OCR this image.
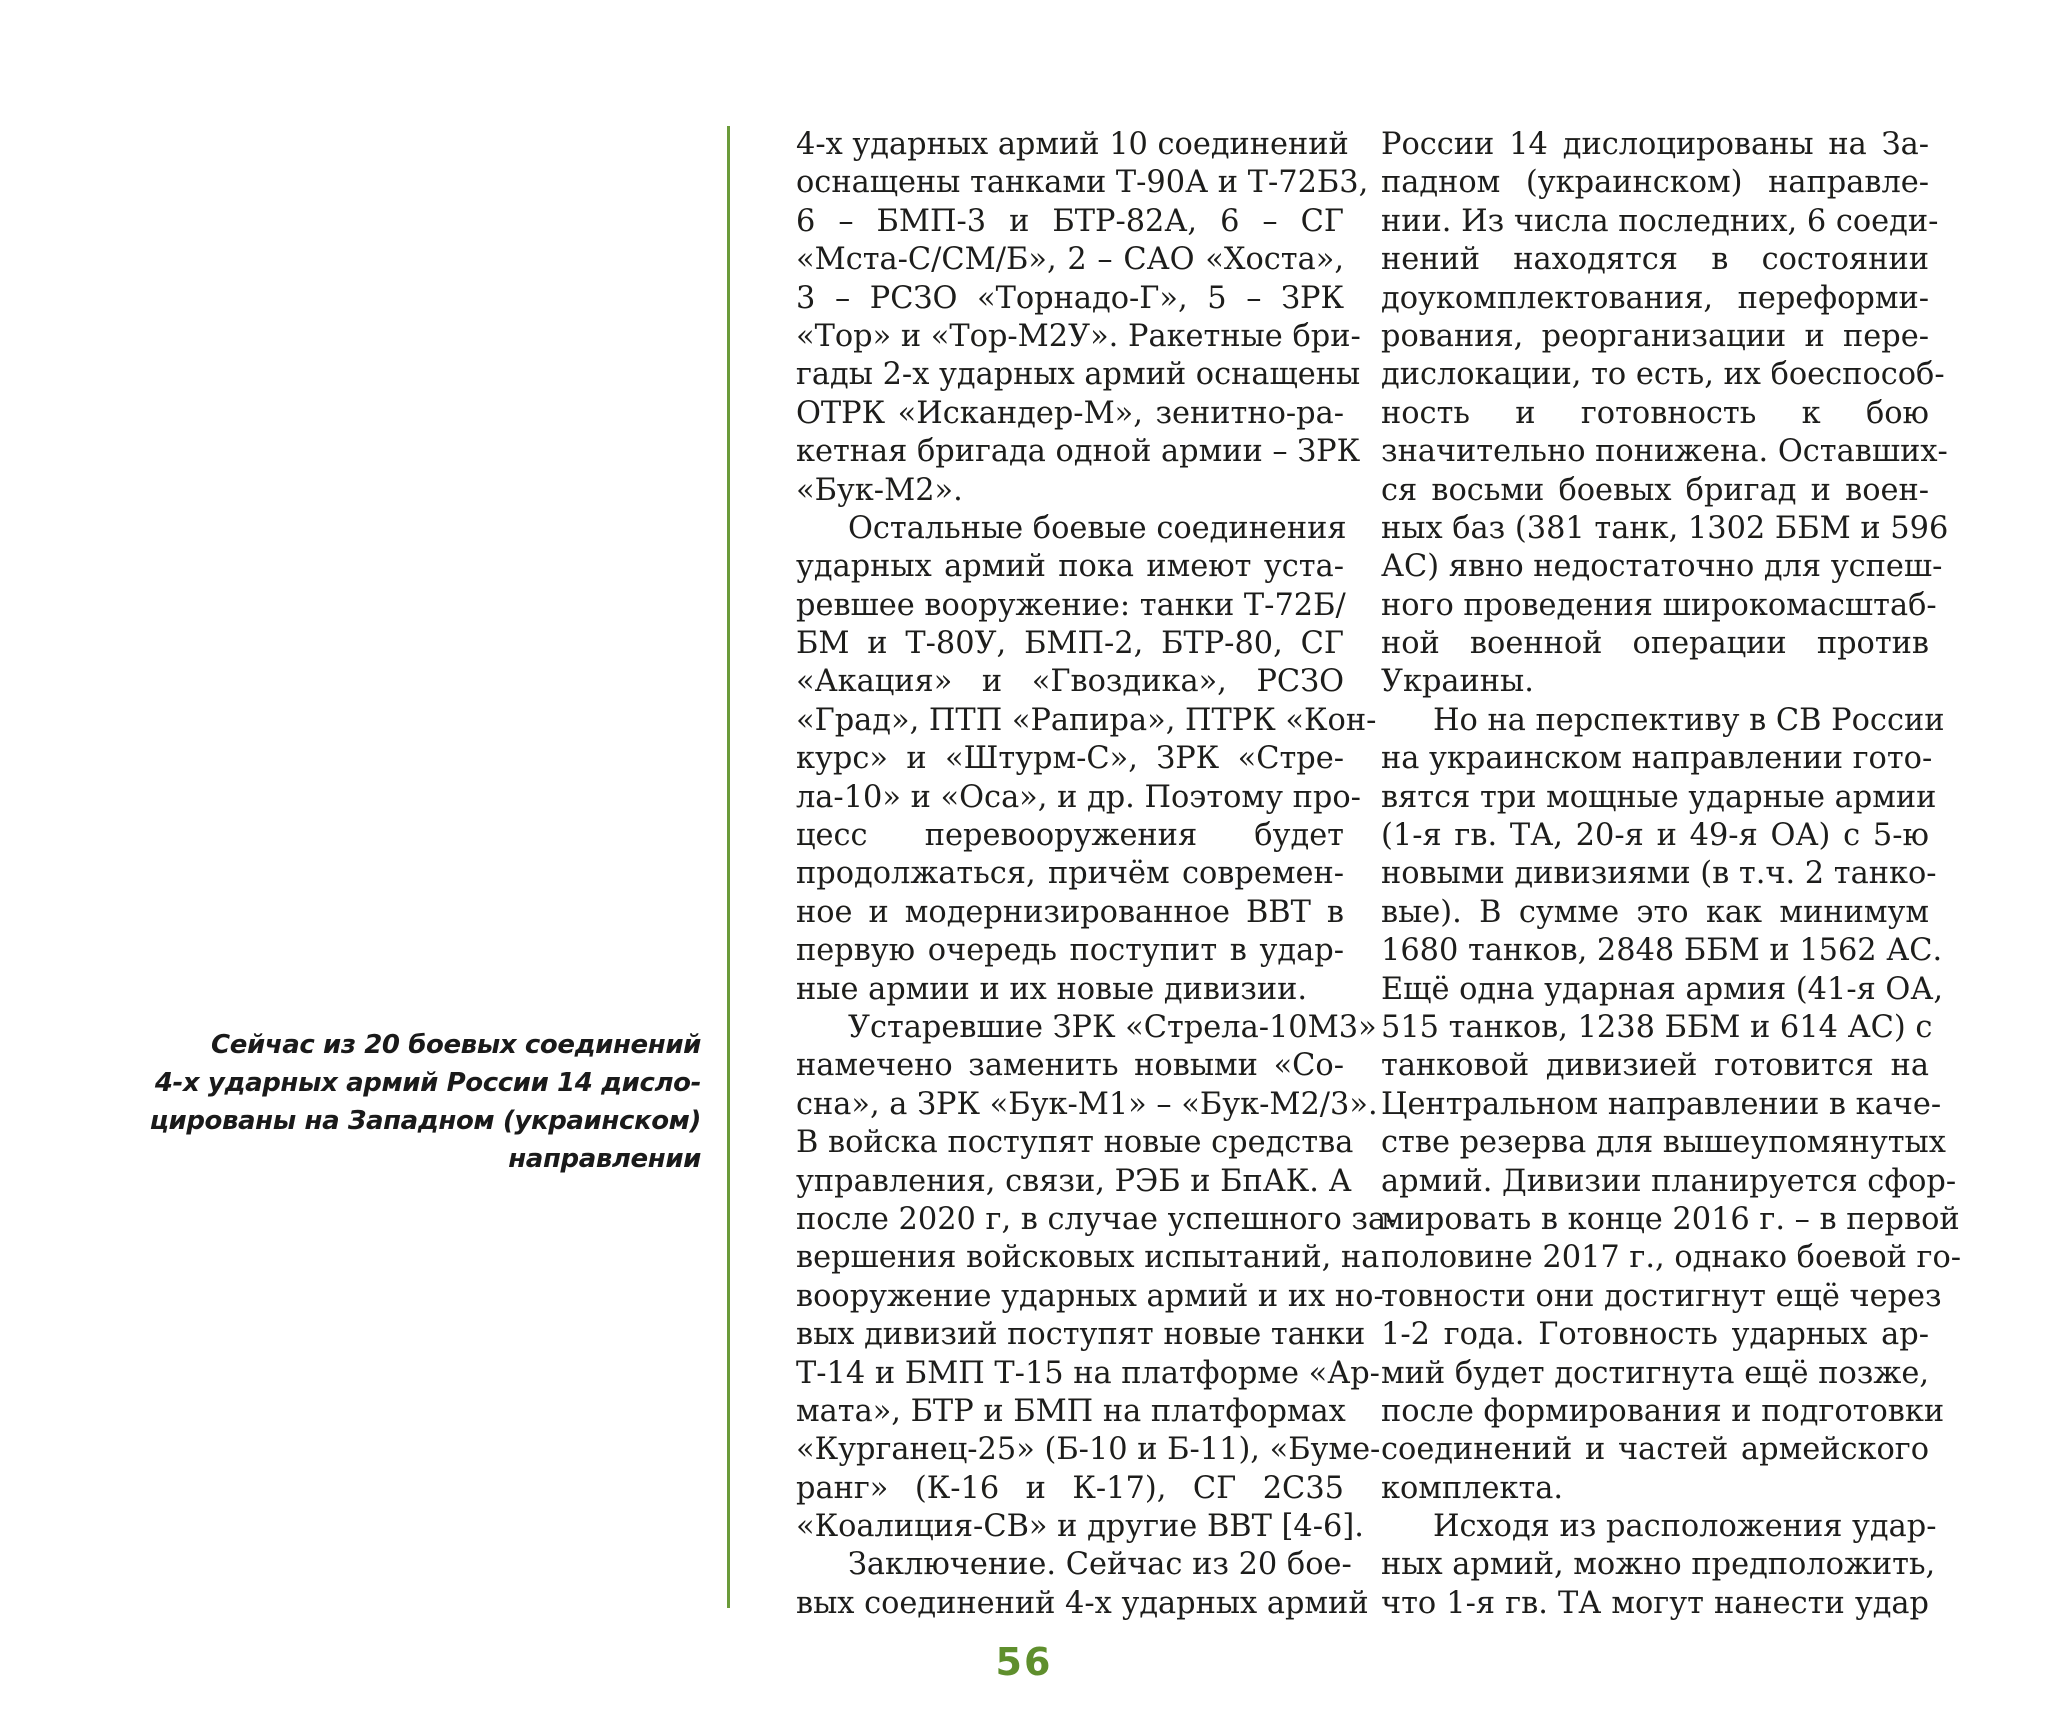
Сейчас из 20 боевых соединений
4-х ударных армий России 14 дисло-
цированы на Западном (украинском)
направлении
4-х ударных армий 10 соединений
оснащены танками Т-90А и Т-72Б3,
6 – БМП-3 и БТР-82А, 6 – СГ
«Мста-С/СМ/Б», 2 – САО «Хоста»,
3 – РСЗО «Торнадо-Г», 5 – ЗРК
«Тор» и «Тор-М2У». Ракетные бри-
гады 2-х ударных армий оснащены
ОТРК «Искандер-М», зенитно-ра-
кетная бригада одной армии – ЗРК
«Бук-М2».
Остальные боевые соединения
ударных армий пока имеют уста-
ревшее вооружение: танки Т-72Б/
БМ и Т-80У, БМП-2, БТР-80, СГ
«Акация» и «Гвоздика», РСЗО
«Град», ПТП «Рапира», ПТРК «Кон-
курс» и «Штурм-С», ЗРК «Стре-
ла-10» и «Оса», и др. Поэтому про-
цесс перевооружения будет
продолжаться, причём современ-
ное и модернизированное ВВТ в
первую очередь поступит в удар-
ные армии и их новые дивизии.
Устаревшие ЗРК «Стрела-10М3»
намечено заменить новыми «Со-
сна», а ЗРК «Бук-М1» – «Бук-М2/3».
В войска поступят новые средства
управления, связи, РЭБ и БпАК. А
после 2020 г, в случае успешного за-
вершения войсковых испытаний, на
вооружение ударных армий и их но-
вых дивизий поступят новые танки
Т-14 и БМП Т-15 на платформе «Ар-
мата», БТР и БМП на платформах
«Курганец-25» (Б-10 и Б-11), «Буме-
ранг» (К-16 и К-17), СГ 2С35
«Коалиция-СВ» и другие ВВТ [4-6].
Заключение. Сейчас из 20 бое-
вых соединений 4-х ударных армий
России 14 дислоцированы на За-
падном (украинском) направле-
нии. Из числа последних, 6 соеди-
нений находятся в состоянии
доукомплектования, переформи-
рования, реорганизации и пере-
дислокации, то есть, их боеспособ-
ность и готовность к бою
значительно понижена. Оставших-
ся восьми боевых бригад и воен-
ных баз (381 танк, 1302 ББМ и 596
АС) явно недостаточно для успеш-
ного проведения широкомасштаб-
ной военной операции против
Украины.
Но на перспективу в СВ России
на украинском направлении гото-
вятся три мощные ударные армии
(1-я гв. ТА, 20-я и 49-я ОА) с 5-ю
новыми дивизиями (в т.ч. 2 танко-
вые). В сумме это как минимум
1680 танков, 2848 ББМ и 1562 АС.
Ещё одна ударная армия (41-я ОА,
515 танков, 1238 ББМ и 614 АС) с
танковой дивизией готовится на
Центральном направлении в каче-
стве резерва для вышеупомянутых
армий. Дивизии планируется сфор-
мировать в конце 2016 г. – в первой
половине 2017 г., однако боевой го-
товности они достигнут ещё через
1-2 года. Готовность ударных ар-
мий будет достигнута ещё позже,
после формирования и подготовки
соединений и частей армейского
комплекта.
Исходя из расположения удар-
ных армий, можно предположить,
что 1-я гв. ТА могут нанести удар
56
